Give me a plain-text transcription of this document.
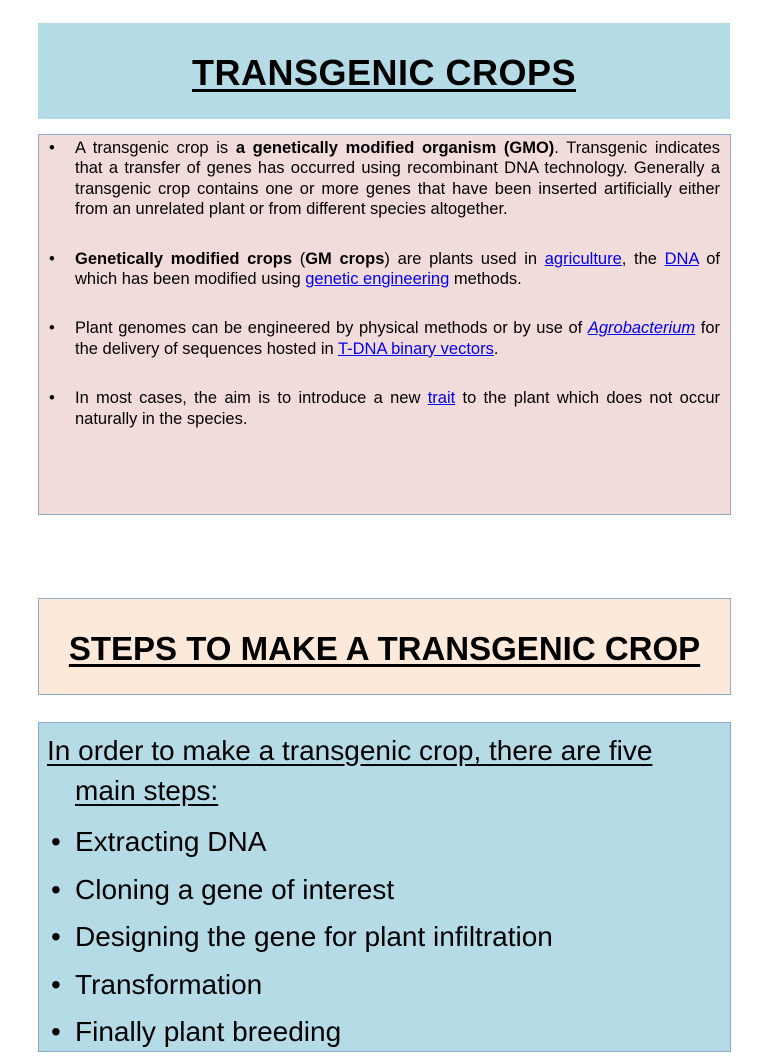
TRANSGENIC CROPS
• A transgenic crop is a genetically modified organism (GMO). Transgenic indicates that a transfer of genes has occurred using recombinant DNA technology. Generally a transgenic crop contains one or more genes that have been inserted artificially either from an unrelated plant or from different species altogether.
• Genetically modified crops (GM crops) are plants used in agriculture, the DNA of which has been modified using genetic engineering methods.
• Plant genomes can be engineered by physical methods or by use of Agrobacterium for the delivery of sequences hosted in T-DNA binary vectors.
• In most cases, the aim is to introduce a new trait to the plant which does not occur naturally in the species.
STEPS TO MAKE A TRANSGENIC CROP
In order to make a transgenic crop, there are five
main steps:
• Extracting DNA
• Cloning a gene of interest
• Designing the gene for plant infiltration
• Transformation
• Finally plant breeding
